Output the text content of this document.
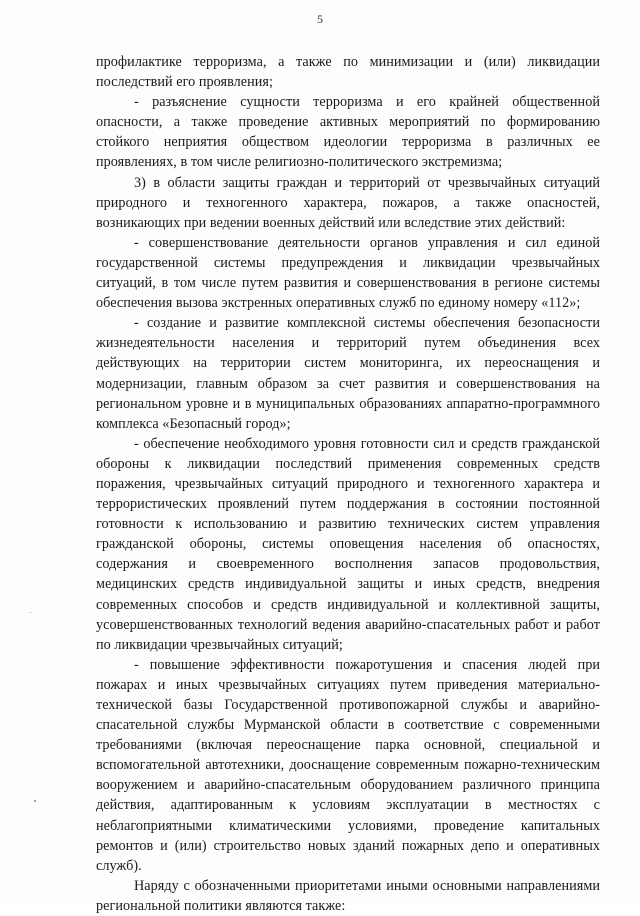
5

профилактике терроризма, а также по минимизации и (или) ликвидации последствий его проявления;

- разъяснение сущности терроризма и его крайней общественной опасности, а также проведение активных мероприятий по формированию стойкого неприятия обществом идеологии терроризма в различных ее проявлениях, в том числе религиозно-политического экстремизма;

3) в области защиты граждан и территорий от чрезвычайных ситуаций природного и техногенного характера, пожаров, а также опасностей, возникающих при ведении военных действий или вследствие этих действий:

- совершенствование деятельности органов управления и сил единой государственной системы предупреждения и ликвидации чрезвычайных ситуаций, в том числе путем развития и совершенствования в регионе системы обеспечения вызова экстренных оперативных служб по единому номеру «112»;

- создание и развитие комплексной системы обеспечения безопасности жизнедеятельности населения и территорий путем объединения всех действующих на территории систем мониторинга, их переоснащения и модернизации, главным образом за счет развития и совершенствования на региональном уровне и в муниципальных образованиях аппаратно-программного комплекса «Безопасный город»;

- обеспечение необходимого уровня готовности сил и средств гражданской обороны к ликвидации последствий применения современных средств поражения, чрезвычайных ситуаций природного и техногенного характера и террористических проявлений путем поддержания в состоянии постоянной готовности к использованию и развитию технических систем управления гражданской обороны, системы оповещения населения об опасностях, содержания и своевременного восполнения запасов продовольствия, медицинских средств индивидуальной защиты и иных средств, внедрения современных способов и средств индивидуальной и коллективной защиты, усовершенствованных технологий ведения аварийно-спасательных работ и работ по ликвидации чрезвычайных ситуаций;

- повышение эффективности пожаротушения и спасения людей при пожарах и иных чрезвычайных ситуациях путем приведения материально-технической базы Государственной противопожарной службы и аварийно-спасательной службы Мурманской области в соответствие с современными требованиями (включая переоснащение парка основной, специальной и вспомогательной автотехники, дооснащение современным пожарно-техническим вооружением и аварийно-спасательным оборудованием различного принципа действия, адаптированным к условиям эксплуатации в местностях с неблагоприятными климатическими условиями, проведение капитальных ремонтов и (или) строительство новых зданий пожарных депо и оперативных служб).

Наряду с обозначенными приоритетами иными основными направлениями региональной политики являются также:
